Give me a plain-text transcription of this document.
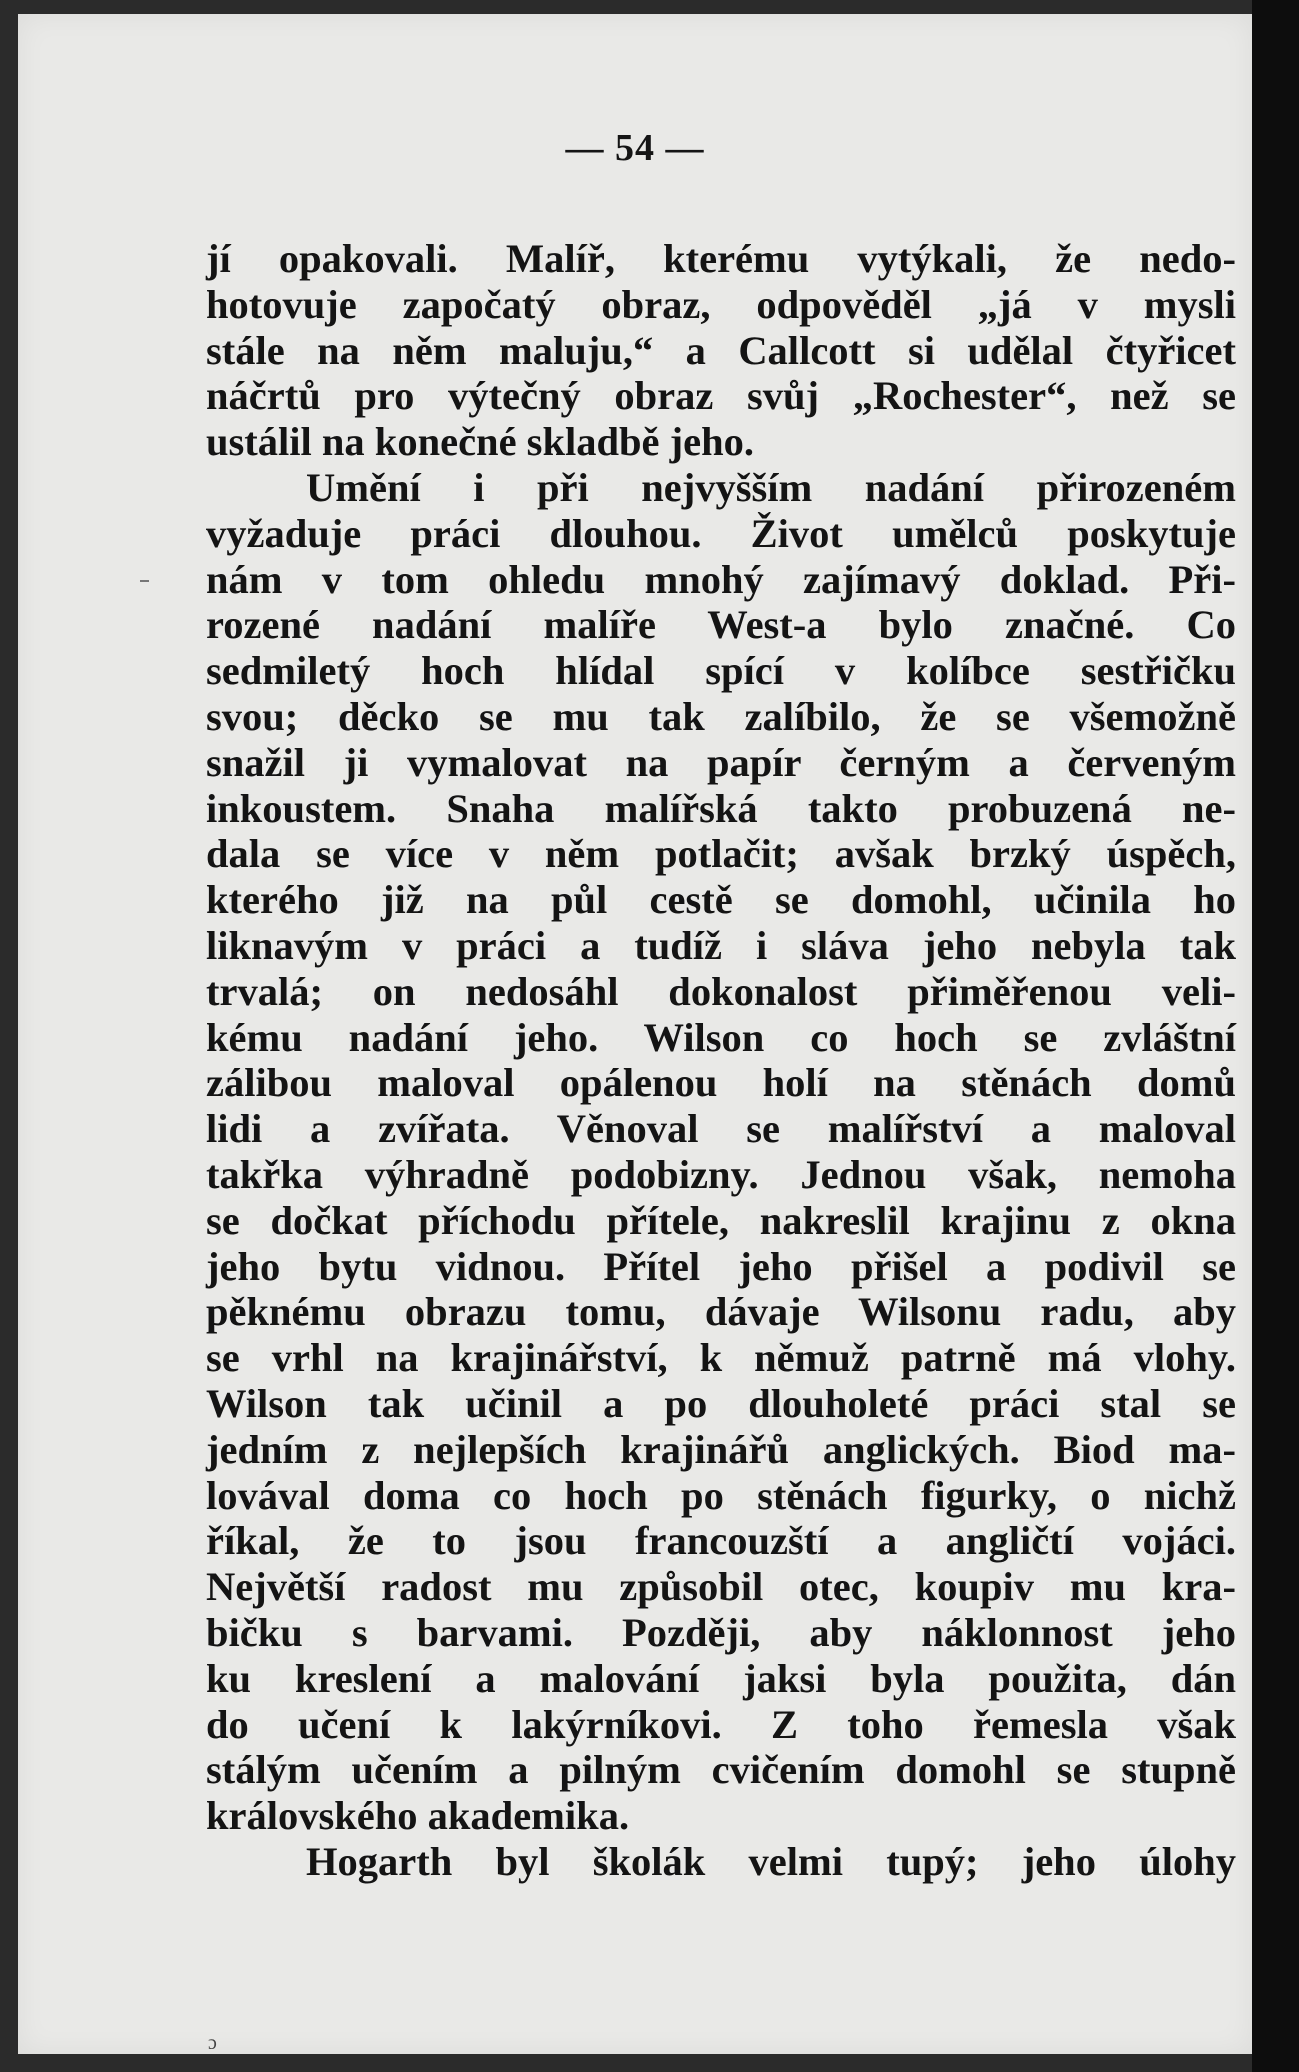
— 54 —
jí opakovali. Malíř, kterému vytýkali, že nedo-
hotovuje započatý obraz, odpověděl „já v mysli
stále na něm maluju,“ a Callcott si udělal čtyřicet
náčrtů pro výtečný obraz svůj „Rochester“, než se
ustálil na konečné skladbě jeho.
Umění i při nejvyšším nadání přirozeném
vyžaduje práci dlouhou. Život umělců poskytuje
nám v tom ohledu mnohý zajímavý doklad. Při-
rozené nadání malíře West-a bylo značné. Co
sedmiletý hoch hlídal spící v kolíbce sestřičku
svou; děcko se mu tak zalíbilo, že se všemožně
snažil ji vymalovat na papír černým a červeným
inkoustem. Snaha malířská takto probuzená ne-
dala se více v něm potlačit; avšak brzký úspěch,
kterého již na půl cestě se domohl, učinila ho
liknavým v práci a tudíž i sláva jeho nebyla tak
trvalá; on nedosáhl dokonalost přiměřenou veli-
kému nadání jeho. Wilson co hoch se zvláštní
zálibou maloval opálenou holí na stěnách domů
lidi a zvířata. Věnoval se malířství a maloval
takřka výhradně podobizny. Jednou však, nemoha
se dočkat příchodu přítele, nakreslil krajinu z okna
jeho bytu vidnou. Přítel jeho přišel a podivil se
pěknému obrazu tomu, dávaje Wilsonu radu, aby
se vrhl na krajinářství, k němuž patrně má vlohy.
Wilson tak učinil a po dlouholeté práci stal se
jedním z nejlepších krajinářů anglických. Biod ma-
lovával doma co hoch po stěnách figurky, o nichž
říkal, že to jsou francouzští a angličtí vojáci.
Největší radost mu způsobil otec, koupiv mu kra-
bičku s barvami. Později, aby náklonnost jeho
ku kreslení a malování jaksi byla použita, dán
do učení k lakýrníkovi. Z toho řemesla však
stálým učením a pilným cvičením domohl se stupně
královského akademika.
Hogarth byl školák velmi tupý; jeho úlohy
ɔ
